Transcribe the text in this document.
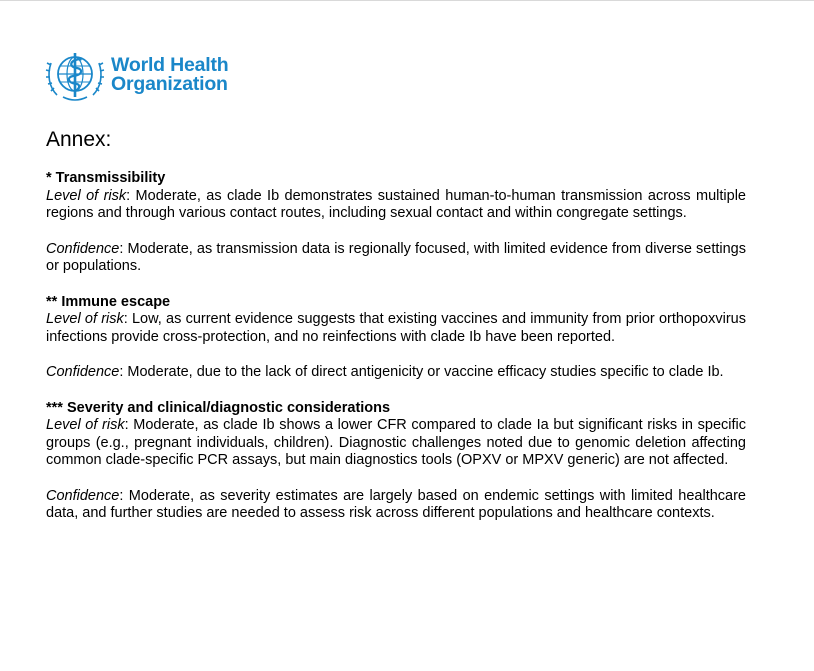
World Health
Organization
Annex:
* Transmissibility

Level of risk: Moderate, as clade Ib demonstrates sustained human-to-human transmission across multiple regions and through various contact routes, including sexual contact and within congregate settings.

Confidence: Moderate, as transmission data is regionally focused, with limited evidence from diverse settings or populations.

** Immune escape

Level of risk: Low, as current evidence suggests that existing vaccines and immunity from prior orthopoxvirus infections provide cross-protection, and no reinfections with clade Ib have been reported.

Confidence: Moderate, due to the lack of direct antigenicity or vaccine efficacy studies specific to clade Ib.

*** Severity and clinical/diagnostic considerations

Level of risk: Moderate, as clade Ib shows a lower CFR compared to clade Ia but significant risks in specific groups (e.g., pregnant individuals, children). Diagnostic challenges noted due to genomic deletion affecting common clade-specific PCR assays, but main diagnostics tools (OPXV or MPXV generic) are not affected.

Confidence: Moderate, as severity estimates are largely based on endemic settings with limited healthcare data, and further studies are needed to assess risk across different populations and healthcare contexts.
